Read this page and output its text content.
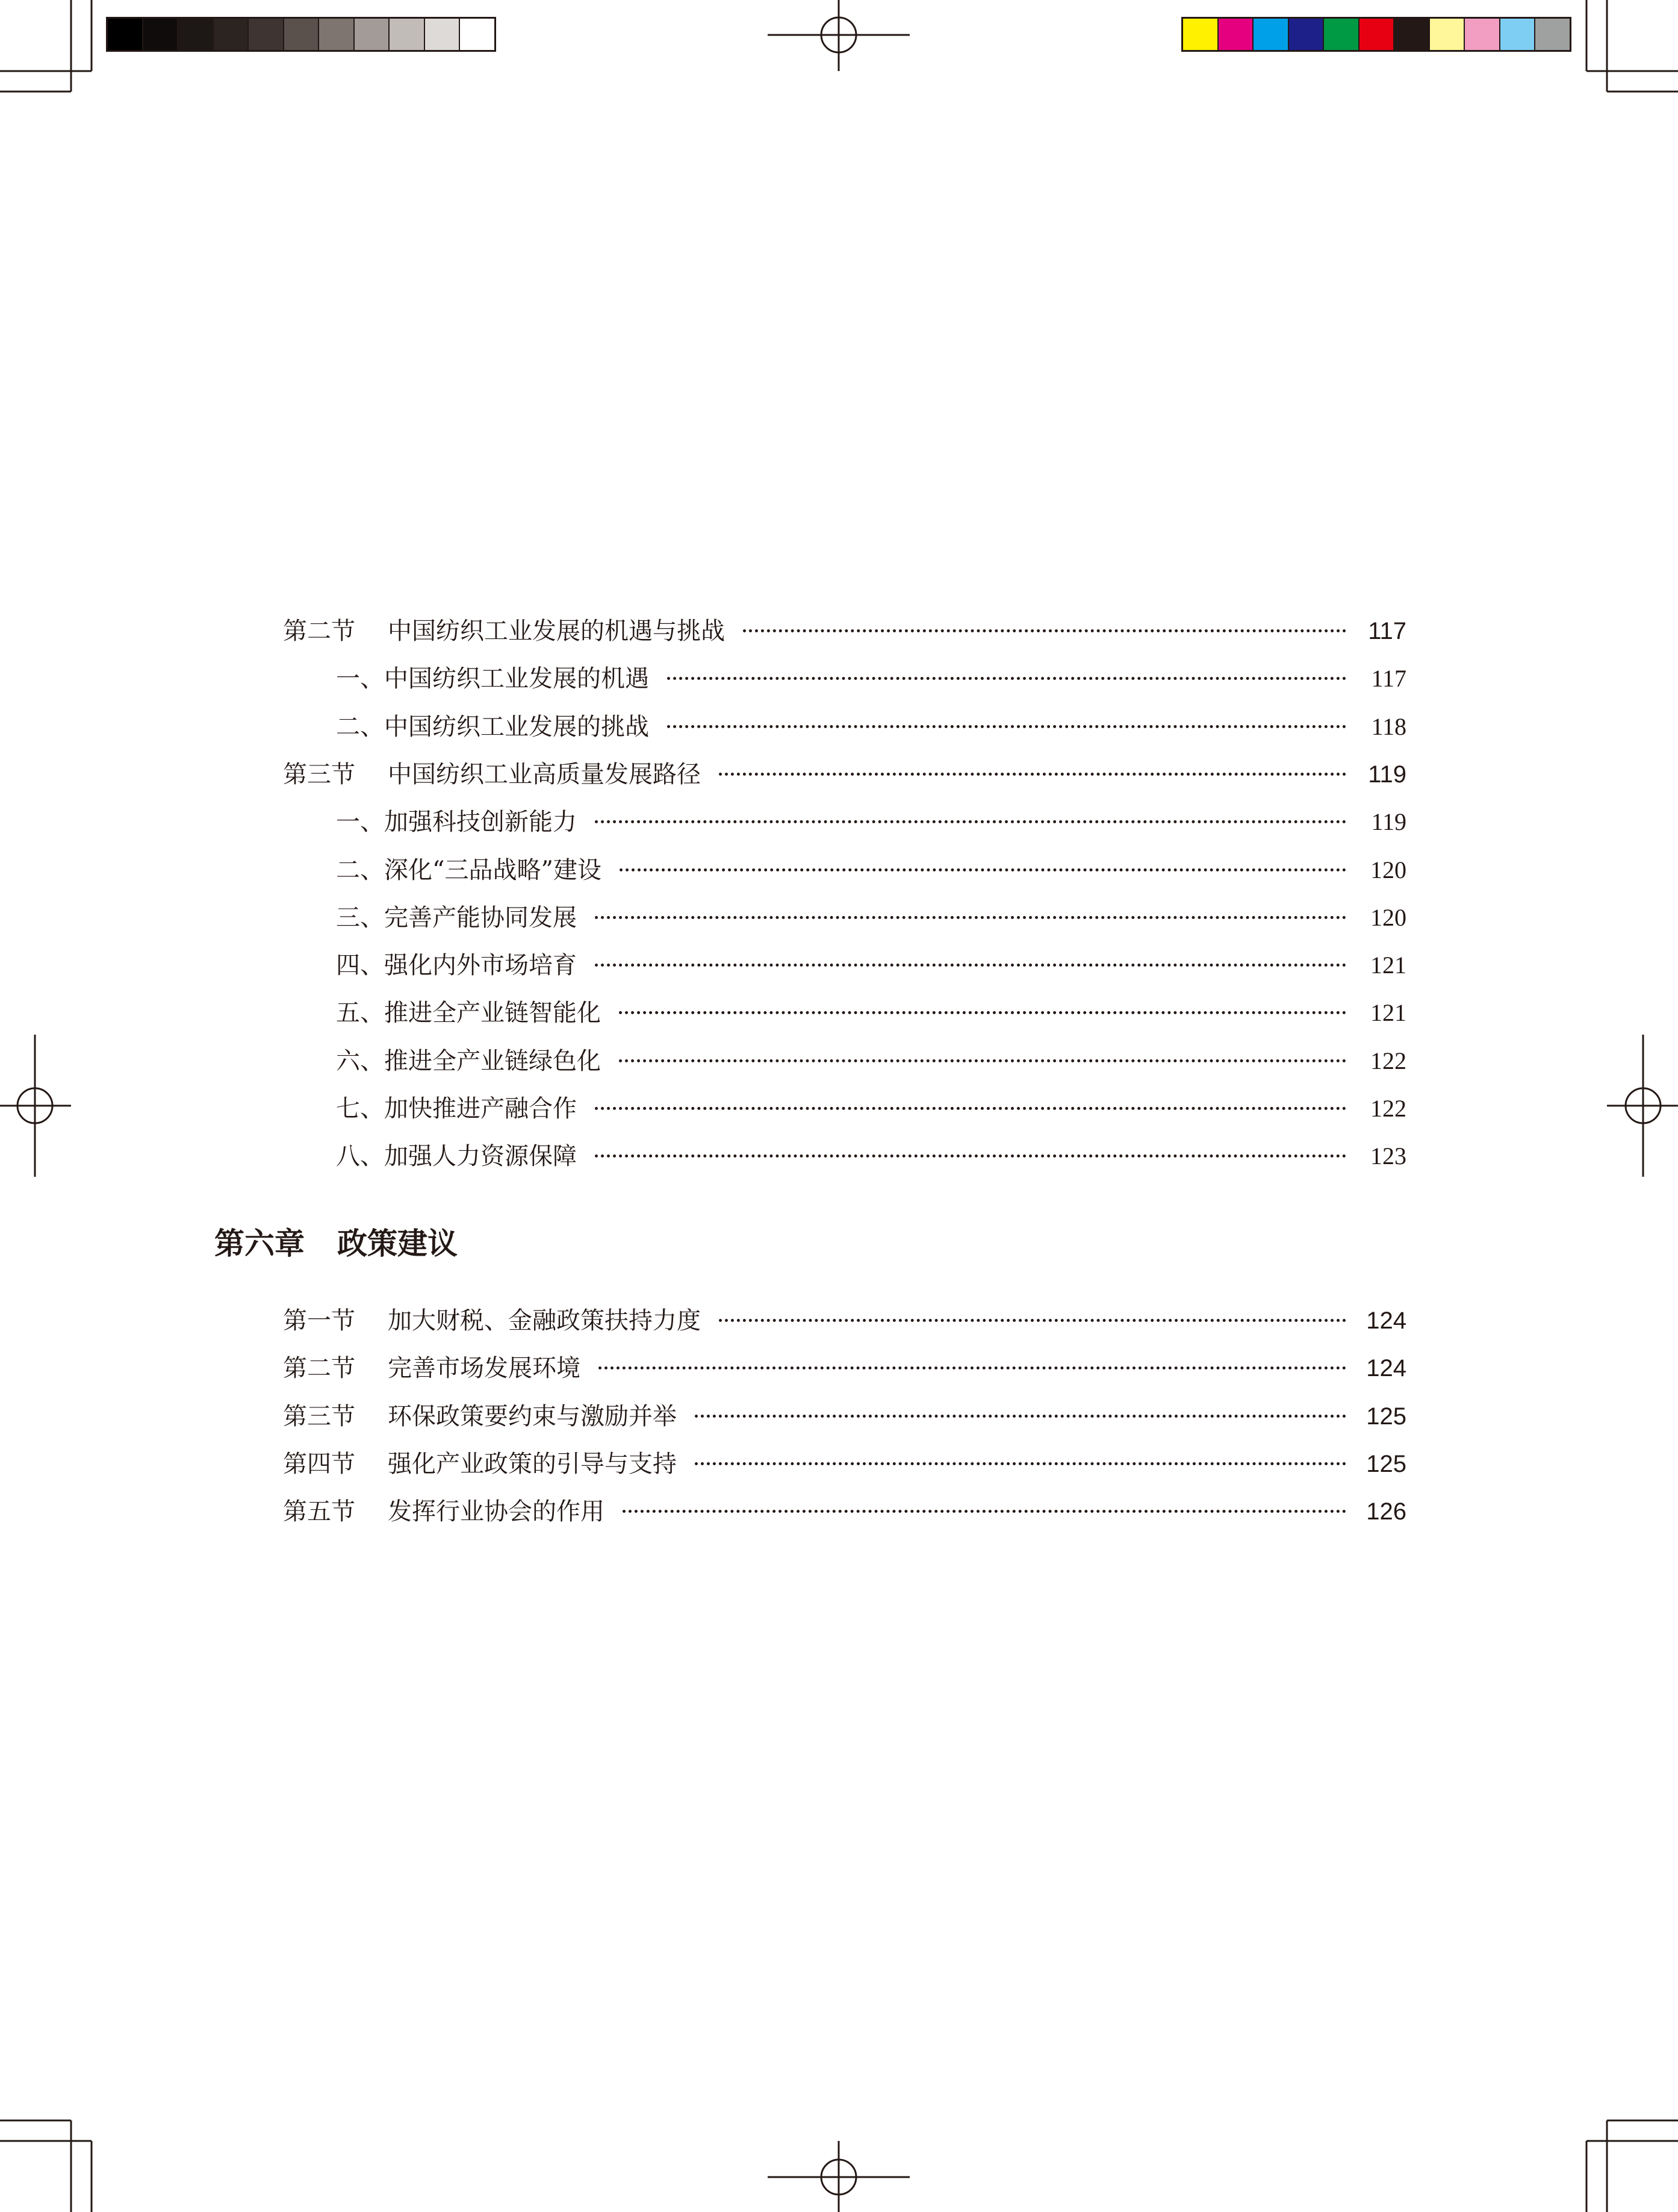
第二节 中国纺织工业发展的机遇与挑战	117
一、中国纺织工业发展的机遇	117
二、中国纺织工业发展的挑战	118
第三节 中国纺织工业高质量发展路径	119
一、加强科技创新能力	119
二、深化“三品战略”建设	120
三、完善产能协同发展	120
四、强化内外市场培育	121
五、推进全产业链智能化	121
六、推进全产业链绿色化	122
七、加快推进产融合作	122
八、加强人力资源保障	123
第六章 政策建议
第一节 加大财税、金融政策扶持力度	124
第二节 完善市场发展环境	124
第三节 环保政策要约束与激励并举	125
第四节 强化产业政策的引导与支持	125
第五节 发挥行业协会的作用	126
